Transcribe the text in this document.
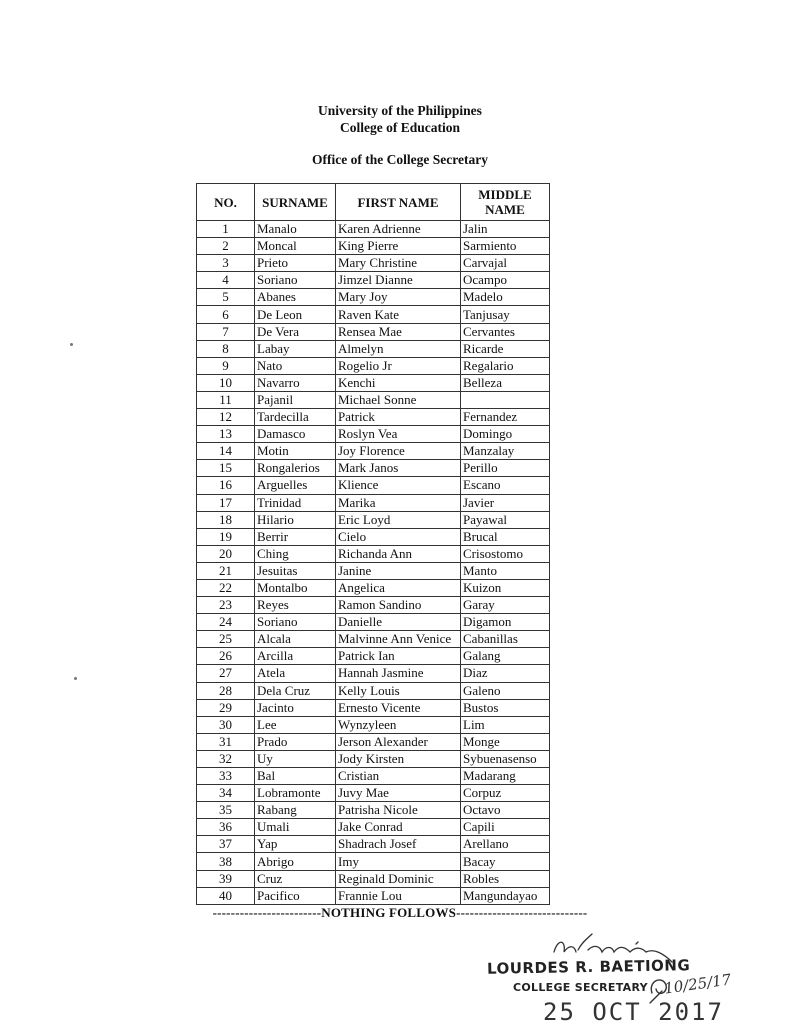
University of the Philippines
College of Education
Office of the College Secretary
NO.	SURNAME	FIRST NAME	MIDDLE NAME
1	Manalo	Karen Adrienne	Jalin
2	Moncal	King Pierre	Sarmiento
3	Prieto	Mary Christine	Carvajal
4	Soriano	Jimzel Dianne	Ocampo
5	Abanes	Mary Joy	Madelo
6	De Leon	Raven Kate	Tanjusay
7	De Vera	Rensea Mae	Cervantes
8	Labay	Almelyn	Ricarde
9	Nato	Rogelio Jr	Regalario
10	Navarro	Kenchi	Belleza
11	Pajanil	Michael Sonne	
12	Tardecilla	Patrick	Fernandez
13	Damasco	Roslyn Vea	Domingo
14	Motin	Joy Florence	Manzalay
15	Rongalerios	Mark Janos	Perillo
16	Arguelles	Klience	Escano
17	Trinidad	Marika	Javier
18	Hilario	Eric Loyd	Payawal
19	Berrir	Cielo	Brucal
20	Ching	Richanda Ann	Crisostomo
21	Jesuitas	Janine	Manto
22	Montalbo	Angelica	Kuizon
23	Reyes	Ramon Sandino	Garay
24	Soriano	Danielle	Digamon
25	Alcala	Malvinne Ann Venice	Cabanillas
26	Arcilla	Patrick Ian	Galang
27	Atela	Hannah Jasmine	Diaz
28	Dela Cruz	Kelly Louis	Galeno
29	Jacinto	Ernesto Vicente	Bustos
30	Lee	Wynzyleen	Lim
31	Prado	Jerson Alexander	Monge
32	Uy	Jody Kirsten	Sybuenasenso
33	Bal	Cristian	Madarang
34	Lobramonte	Juvy Mae	Corpuz
35	Rabang	Patrisha Nicole	Octavo
36	Umali	Jake Conrad	Capili
37	Yap	Shadrach Josef	Arellano
38	Abrigo	Imy	Bacay
39	Cruz	Reginald Dominic	Robles
40	Pacifico	Frannie Lou	Mangundayao
------------------------NOTHING FOLLOWS-----------------------------
LOURDES R. BAETIONG
COLLEGE SECRETARY
25 OCT 2017
10/25/17
